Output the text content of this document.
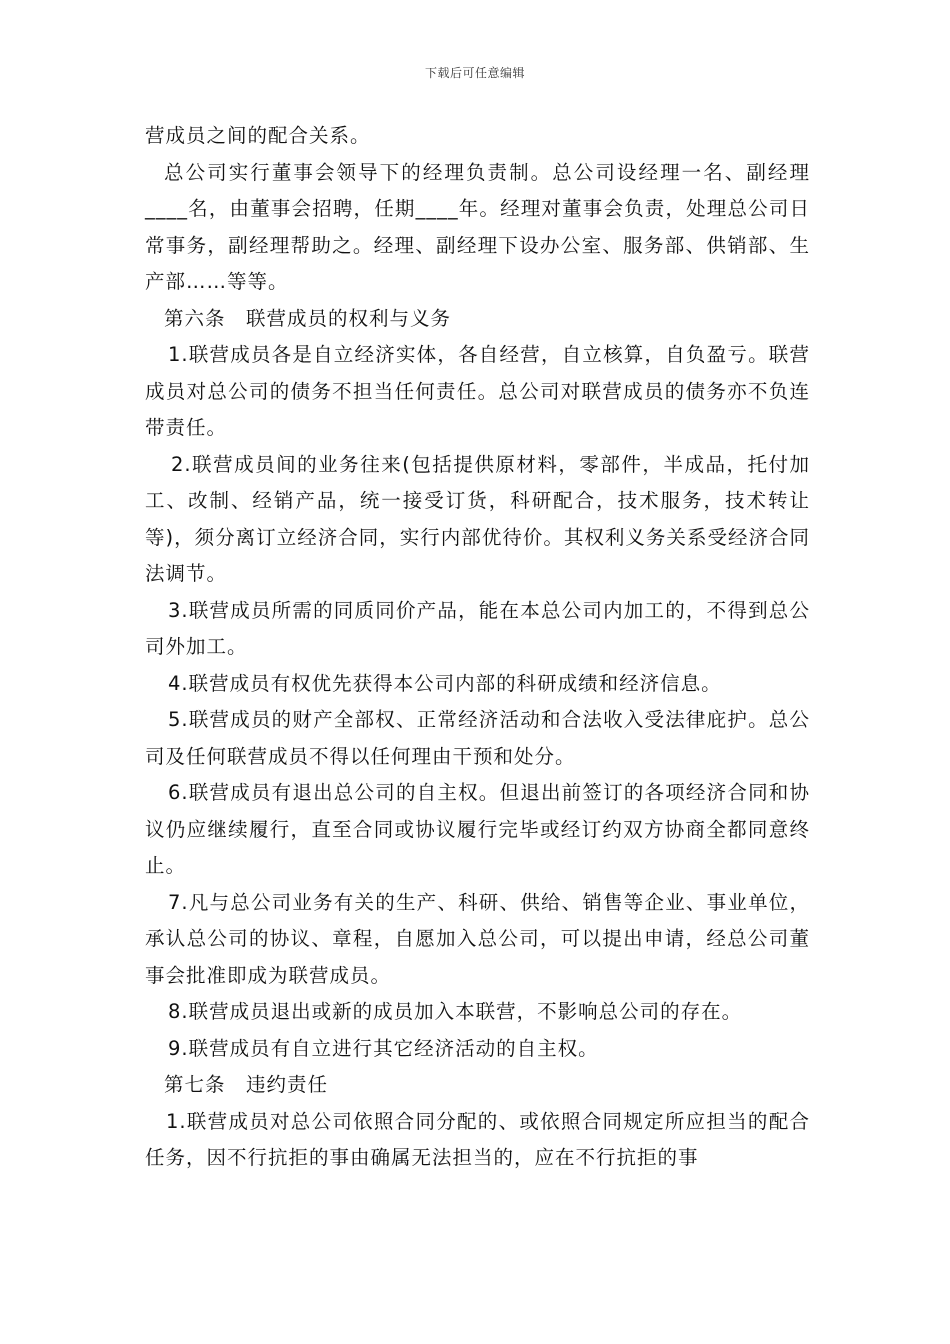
下载后可任意编辑

营成员之间的配合关系。

总公司实行董事会领导下的经理负责制。总公司设经理一名、副经理____名，由董事会招聘，任期____年。经理对董事会负责，处理总公司日常事务，副经理帮助之。经理、副经理下设办公室、服务部、供销部、生产部……等等。

第六条　联营成员的权利与义务

1.联营成员各是自立经济实体，各自经营，自立核算，自负盈亏。联营成员对总公司的债务不担当任何责任。总公司对联营成员的债务亦不负连带责任。

2.联营成员间的业务往来(包括提供原材料，零部件，半成品，托付加工、改制、经销产品，统一接受订货，科研配合，技术服务，技术转让等)，须分离订立经济合同，实行内部优待价。其权利义务关系受经济合同法调节。

3.联营成员所需的同质同价产品，能在本总公司内加工的，不得到总公司外加工。

4.联营成员有权优先获得本公司内部的科研成绩和经济信息。

5.联营成员的财产全部权、正常经济活动和合法收入受法律庇护。总公司及任何联营成员不得以任何理由干预和处分。

6.联营成员有退出总公司的自主权。但退出前签订的各项经济合同和协议仍应继续履行，直至合同或协议履行完毕或经订约双方协商全都同意终止。

7.凡与总公司业务有关的生产、科研、供给、销售等企业、事业单位，承认总公司的协议、章程，自愿加入总公司，可以提出申请，经总公司董事会批准即成为联营成员。

8.联营成员退出或新的成员加入本联营，不影响总公司的存在。

9.联营成员有自立进行其它经济活动的自主权。

第七条　违约责任

1.联营成员对总公司依照合同分配的、或依照合同规定所应担当的配合任务，因不行抗拒的事由确属无法担当的，应在不行抗拒的事
